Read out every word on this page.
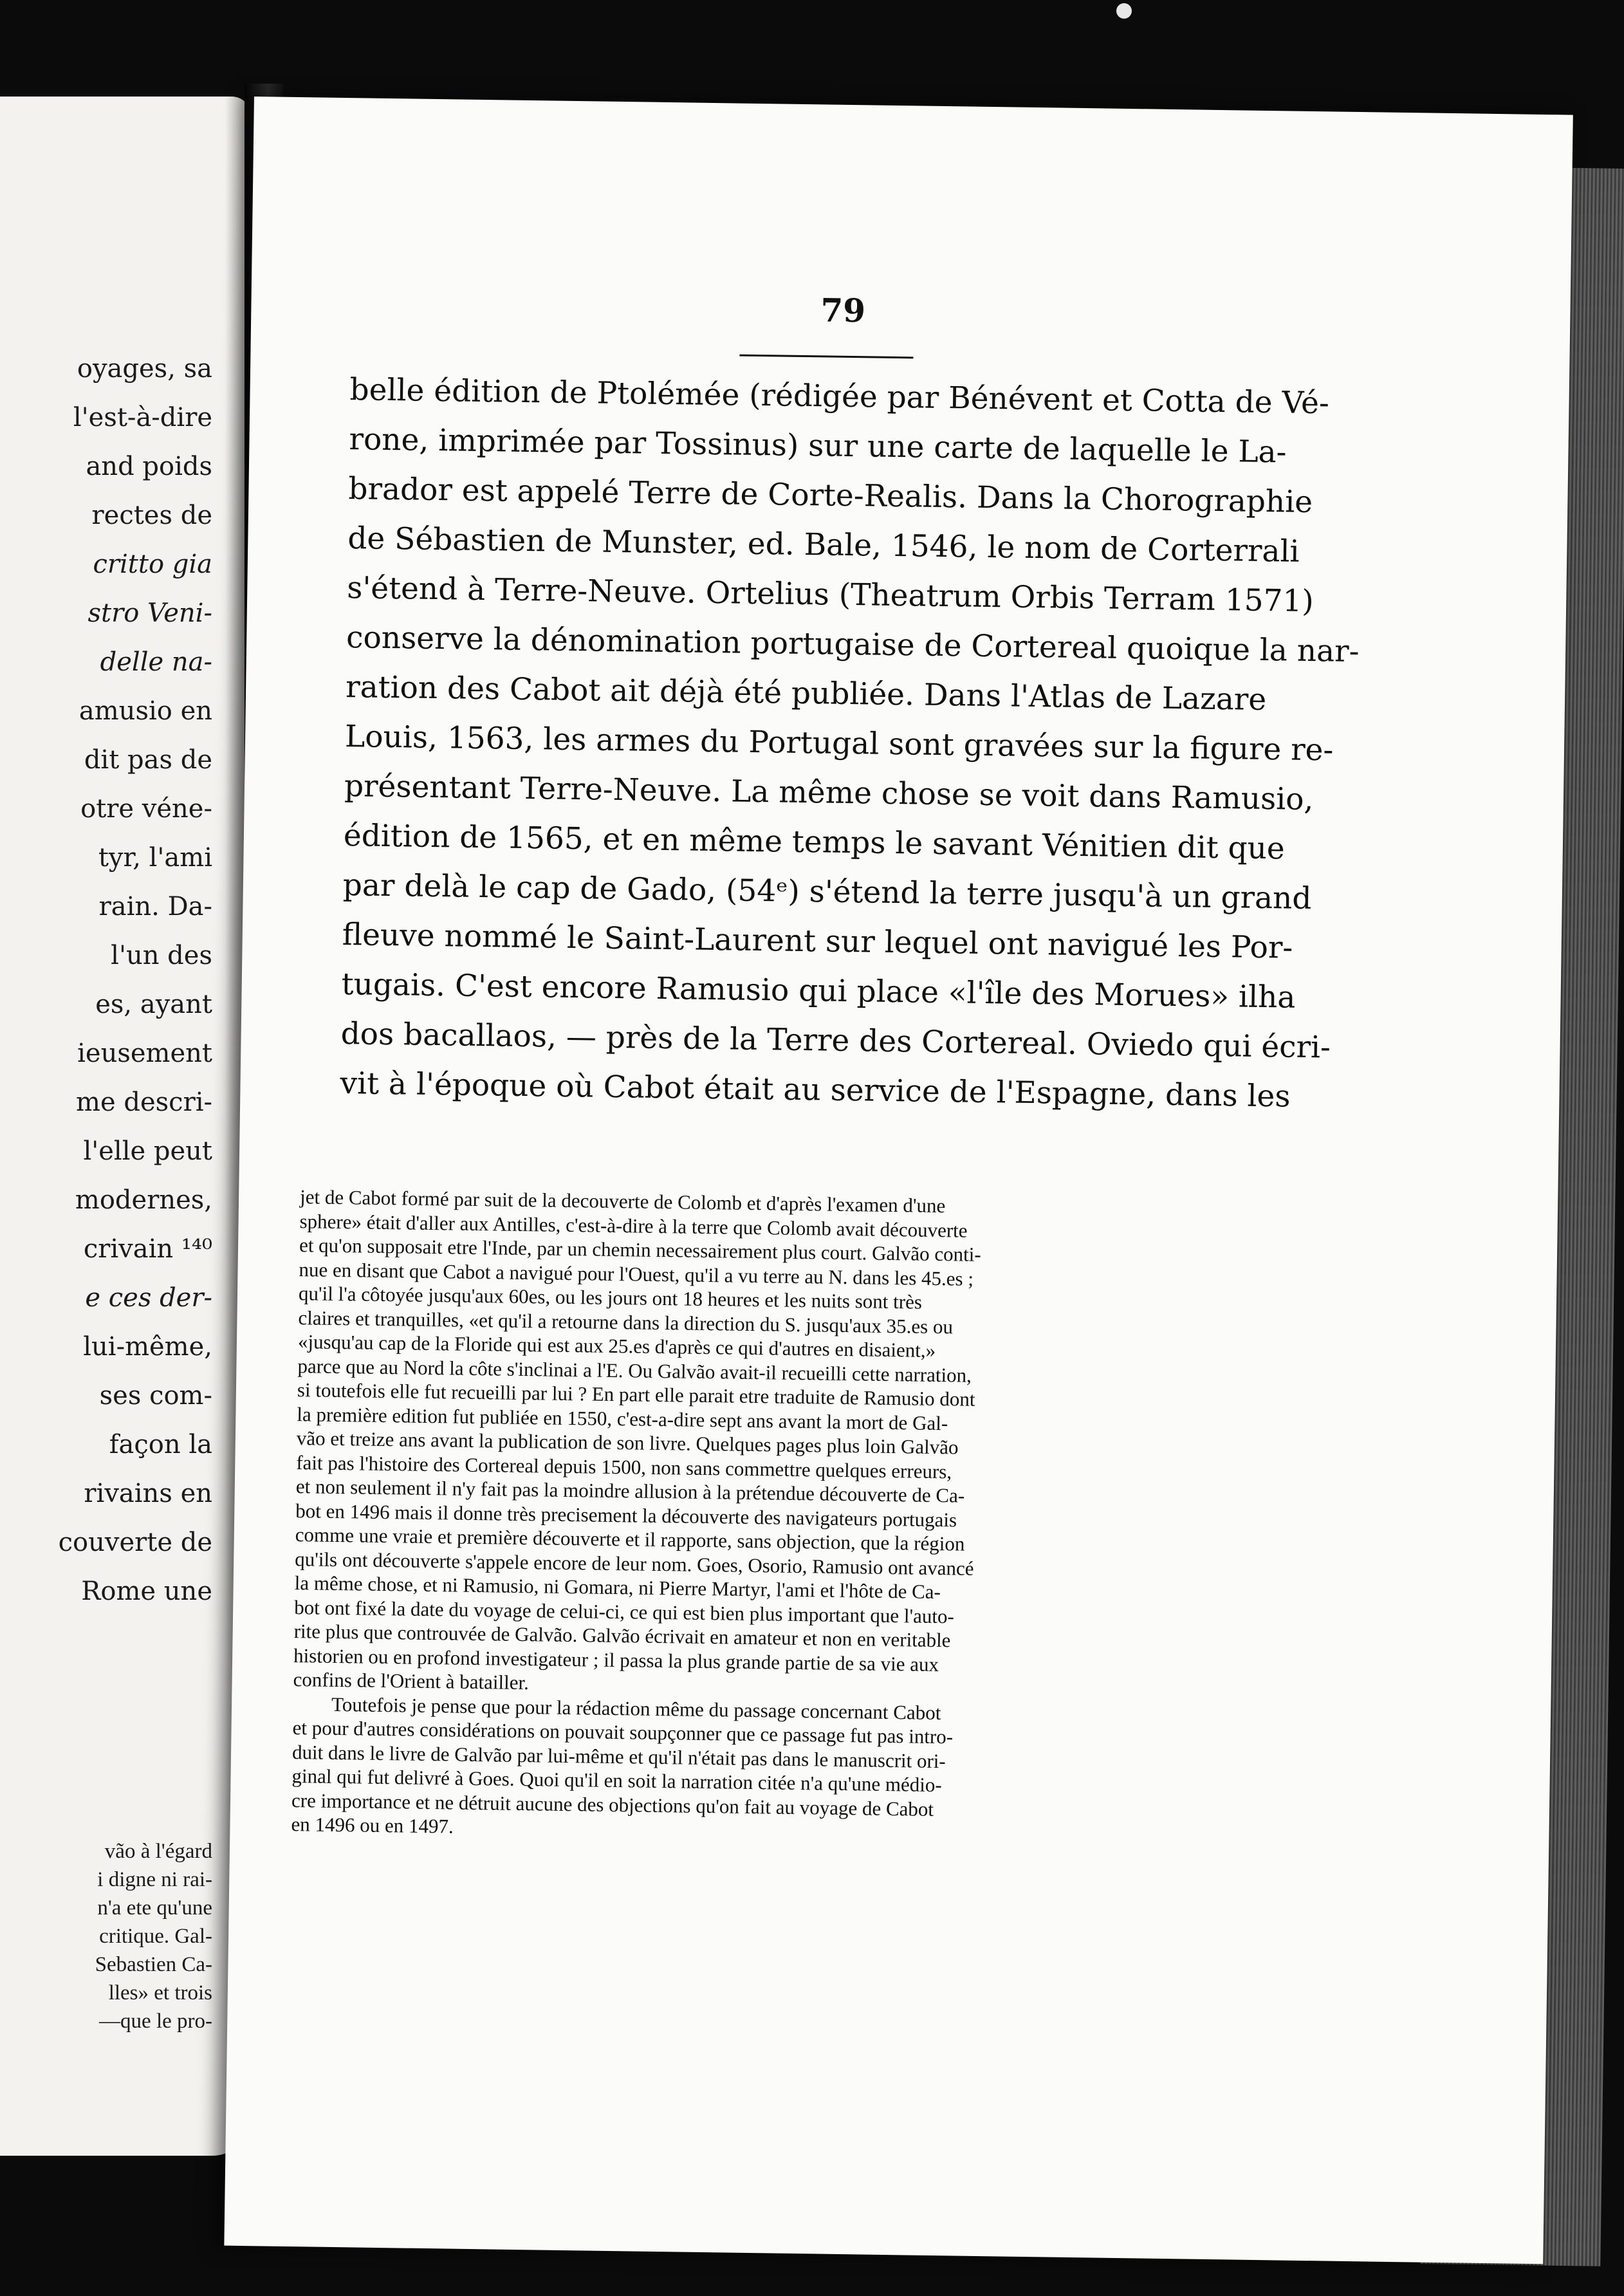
oyages, sa
l'est-à-dire
and poids
rectes de
critto gia
stro Veni-
delle na-
amusio en
dit pas de
otre véne-
tyr, l'ami
rain. Da-
l'un des
es, ayant
ieusement
me descri-
l'elle peut
modernes,
crivain ¹⁴⁰
e ces der-
lui-même,
ses com-
façon la
rivains en
couverte de
Rome une
vão à l'égard
i digne ni rai-
n'a ete qu'une
critique. Gal-
Sebastien Ca-
lles» et trois
—que le pro-
79
belle édition de Ptolémée (rédigée par Bénévent et Cotta de Vé-
rone, imprimée par Tossinus) sur une carte de laquelle le La-
brador est appelé Terre de Corte-Realis. Dans la Chorographie
de Sébastien de Munster, ed. Bale, 1546, le nom de Corterrali
s'étend à Terre-Neuve. Ortelius (Theatrum Orbis Terram 1571)
conserve la dénomination portugaise de Cortereal quoique la nar-
ration des Cabot ait déjà été publiée. Dans l'Atlas de Lazare
Louis, 1563, les armes du Portugal sont gravées sur la figure re-
présentant Terre-Neuve. La même chose se voit dans Ramusio,
édition de 1565, et en même temps le savant Vénitien dit que
par delà le cap de Gado, (54ᵉ) s'étend la terre jusqu'à un grand
fleuve nommé le Saint-Laurent sur lequel ont navigué les Por-
tugais. C'est encore Ramusio qui place «l'île des Morues» ilha
dos bacallaos, — près de la Terre des Cortereal. Oviedo qui écri-
vit à l'époque où Cabot était au service de l'Espagne, dans les
jet de Cabot formé par suit de la decouverte de Colomb et d'après l'examen d'une
sphere» était d'aller aux Antilles, c'est-à-dire à la terre que Colomb avait découverte
et qu'on supposait etre l'Inde, par un chemin necessairement plus court. Galvão conti-
nue en disant que Cabot a navigué pour l'Ouest, qu'il a vu terre au N. dans les 45.es ;
qu'il l'a côtoyée jusqu'aux 60es, ou les jours ont 18 heures et les nuits sont très
claires et tranquilles, «et qu'il a retourne dans la direction du S. jusqu'aux 35.es ou
«jusqu'au cap de la Floride qui est aux 25.es d'après ce qui d'autres en disaient,»
parce que au Nord la côte s'inclinai a l'E. Ou Galvão avait-il recueilli cette narration,
si toutefois elle fut recueilli par lui ? En part elle parait etre traduite de Ramusio dont
la première edition fut publiée en 1550, c'est-a-dire sept ans avant la mort de Gal-
vão et treize ans avant la publication de son livre. Quelques pages plus loin Galvão
fait pas l'histoire des Cortereal depuis 1500, non sans commettre quelques erreurs,
et non seulement il n'y fait pas la moindre allusion à la prétendue découverte de Ca-
bot en 1496 mais il donne très precisement la découverte des navigateurs portugais
comme une vraie et première découverte et il rapporte, sans objection, que la région
qu'ils ont découverte s'appele encore de leur nom. Goes, Osorio, Ramusio ont avancé
la même chose, et ni Ramusio, ni Gomara, ni Pierre Martyr, l'ami et l'hôte de Ca-
bot ont fixé la date du voyage de celui-ci, ce qui est bien plus important que l'auto-
rite plus que controuvée de Galvão. Galvão écrivait en amateur et non en veritable
historien ou en profond investigateur ; il passa la plus grande partie de sa vie aux
confins de l'Orient à batailler.
Toutefois je pense que pour la rédaction même du passage concernant Cabot
et pour d'autres considérations on pouvait soupçonner que ce passage fut pas intro-
duit dans le livre de Galvão par lui-même et qu'il n'était pas dans le manuscrit ori-
ginal qui fut delivré à Goes. Quoi qu'il en soit la narration citée n'a qu'une médio-
cre importance et ne détruit aucune des objections qu'on fait au voyage de Cabot
en 1496 ou en 1497.
